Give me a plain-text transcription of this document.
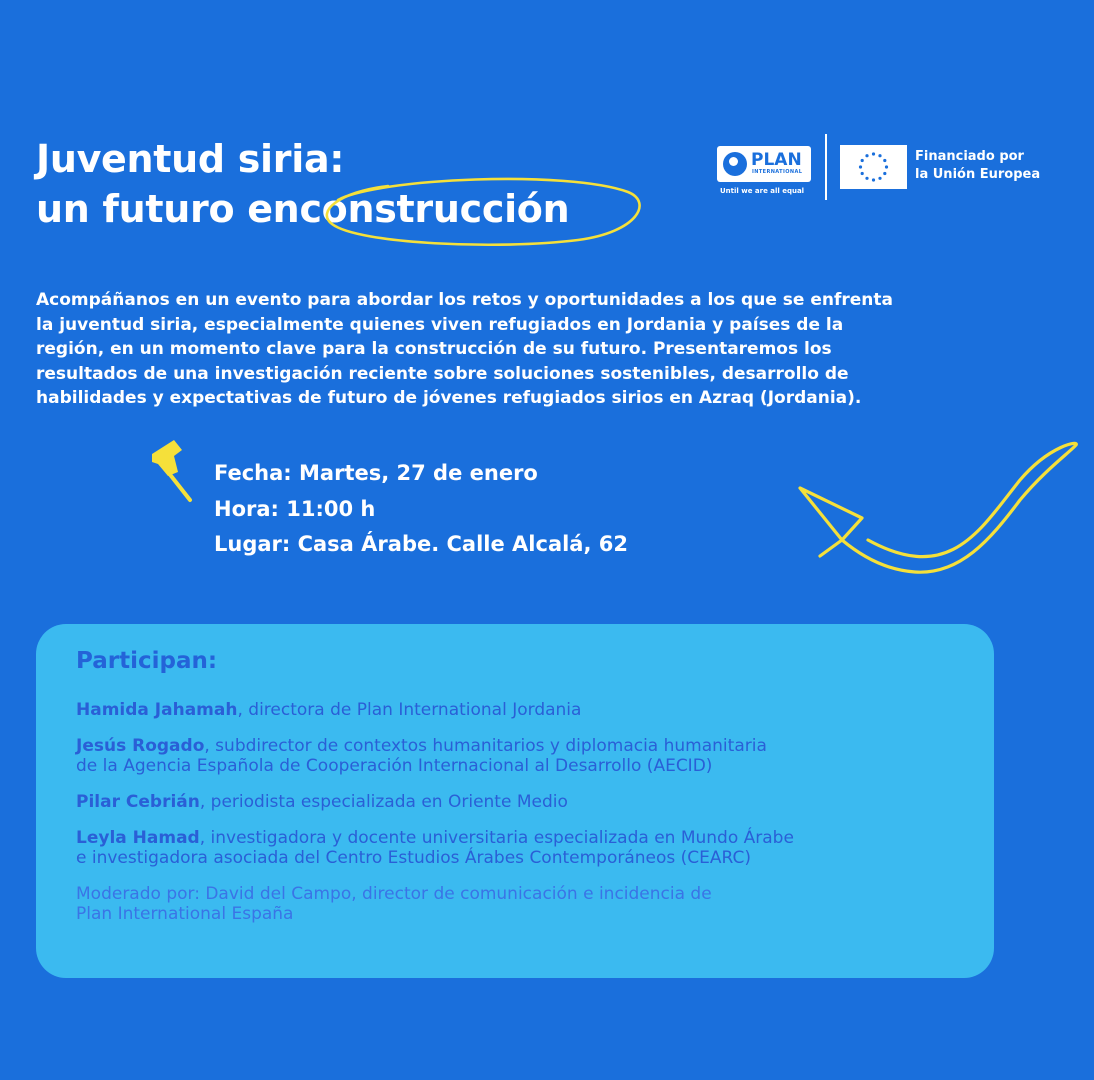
Juventud siria:
un futuro enconstrucción
PLAN
INTERNATIONAL
Until we are all equal
Financiado por
la Unión Europea
Acompáñanos en un evento para abordar los retos y oportunidades a los que se enfrenta
la juventud siria, especialmente quienes viven refugiados en Jordania y países de la
región, en un momento clave para la construcción de su futuro. Presentaremos los
resultados de una investigación reciente sobre soluciones sostenibles, desarrollo de
habilidades y expectativas de futuro de jóvenes refugiados sirios en Azraq (Jordania).
Fecha: Martes, 27 de enero
Hora: 11:00 h
Lugar: Casa Árabe. Calle Alcalá, 62
Participan:
Hamida Jahamah, directora de Plan International Jordania
Jesús Rogado, subdirector de contextos humanitarios y diplomacia humanitaria
de la Agencia Española de Cooperación Internacional al Desarrollo (AECID)
Pilar Cebrián, periodista especializada en Oriente Medio
Leyla Hamad, investigadora y docente universitaria especializada en Mundo Árabe
e investigadora asociada del Centro Estudios Árabes Contemporáneos (CEARC)
Moderado por: David del Campo, director de comunicación e incidencia de
Plan International España
